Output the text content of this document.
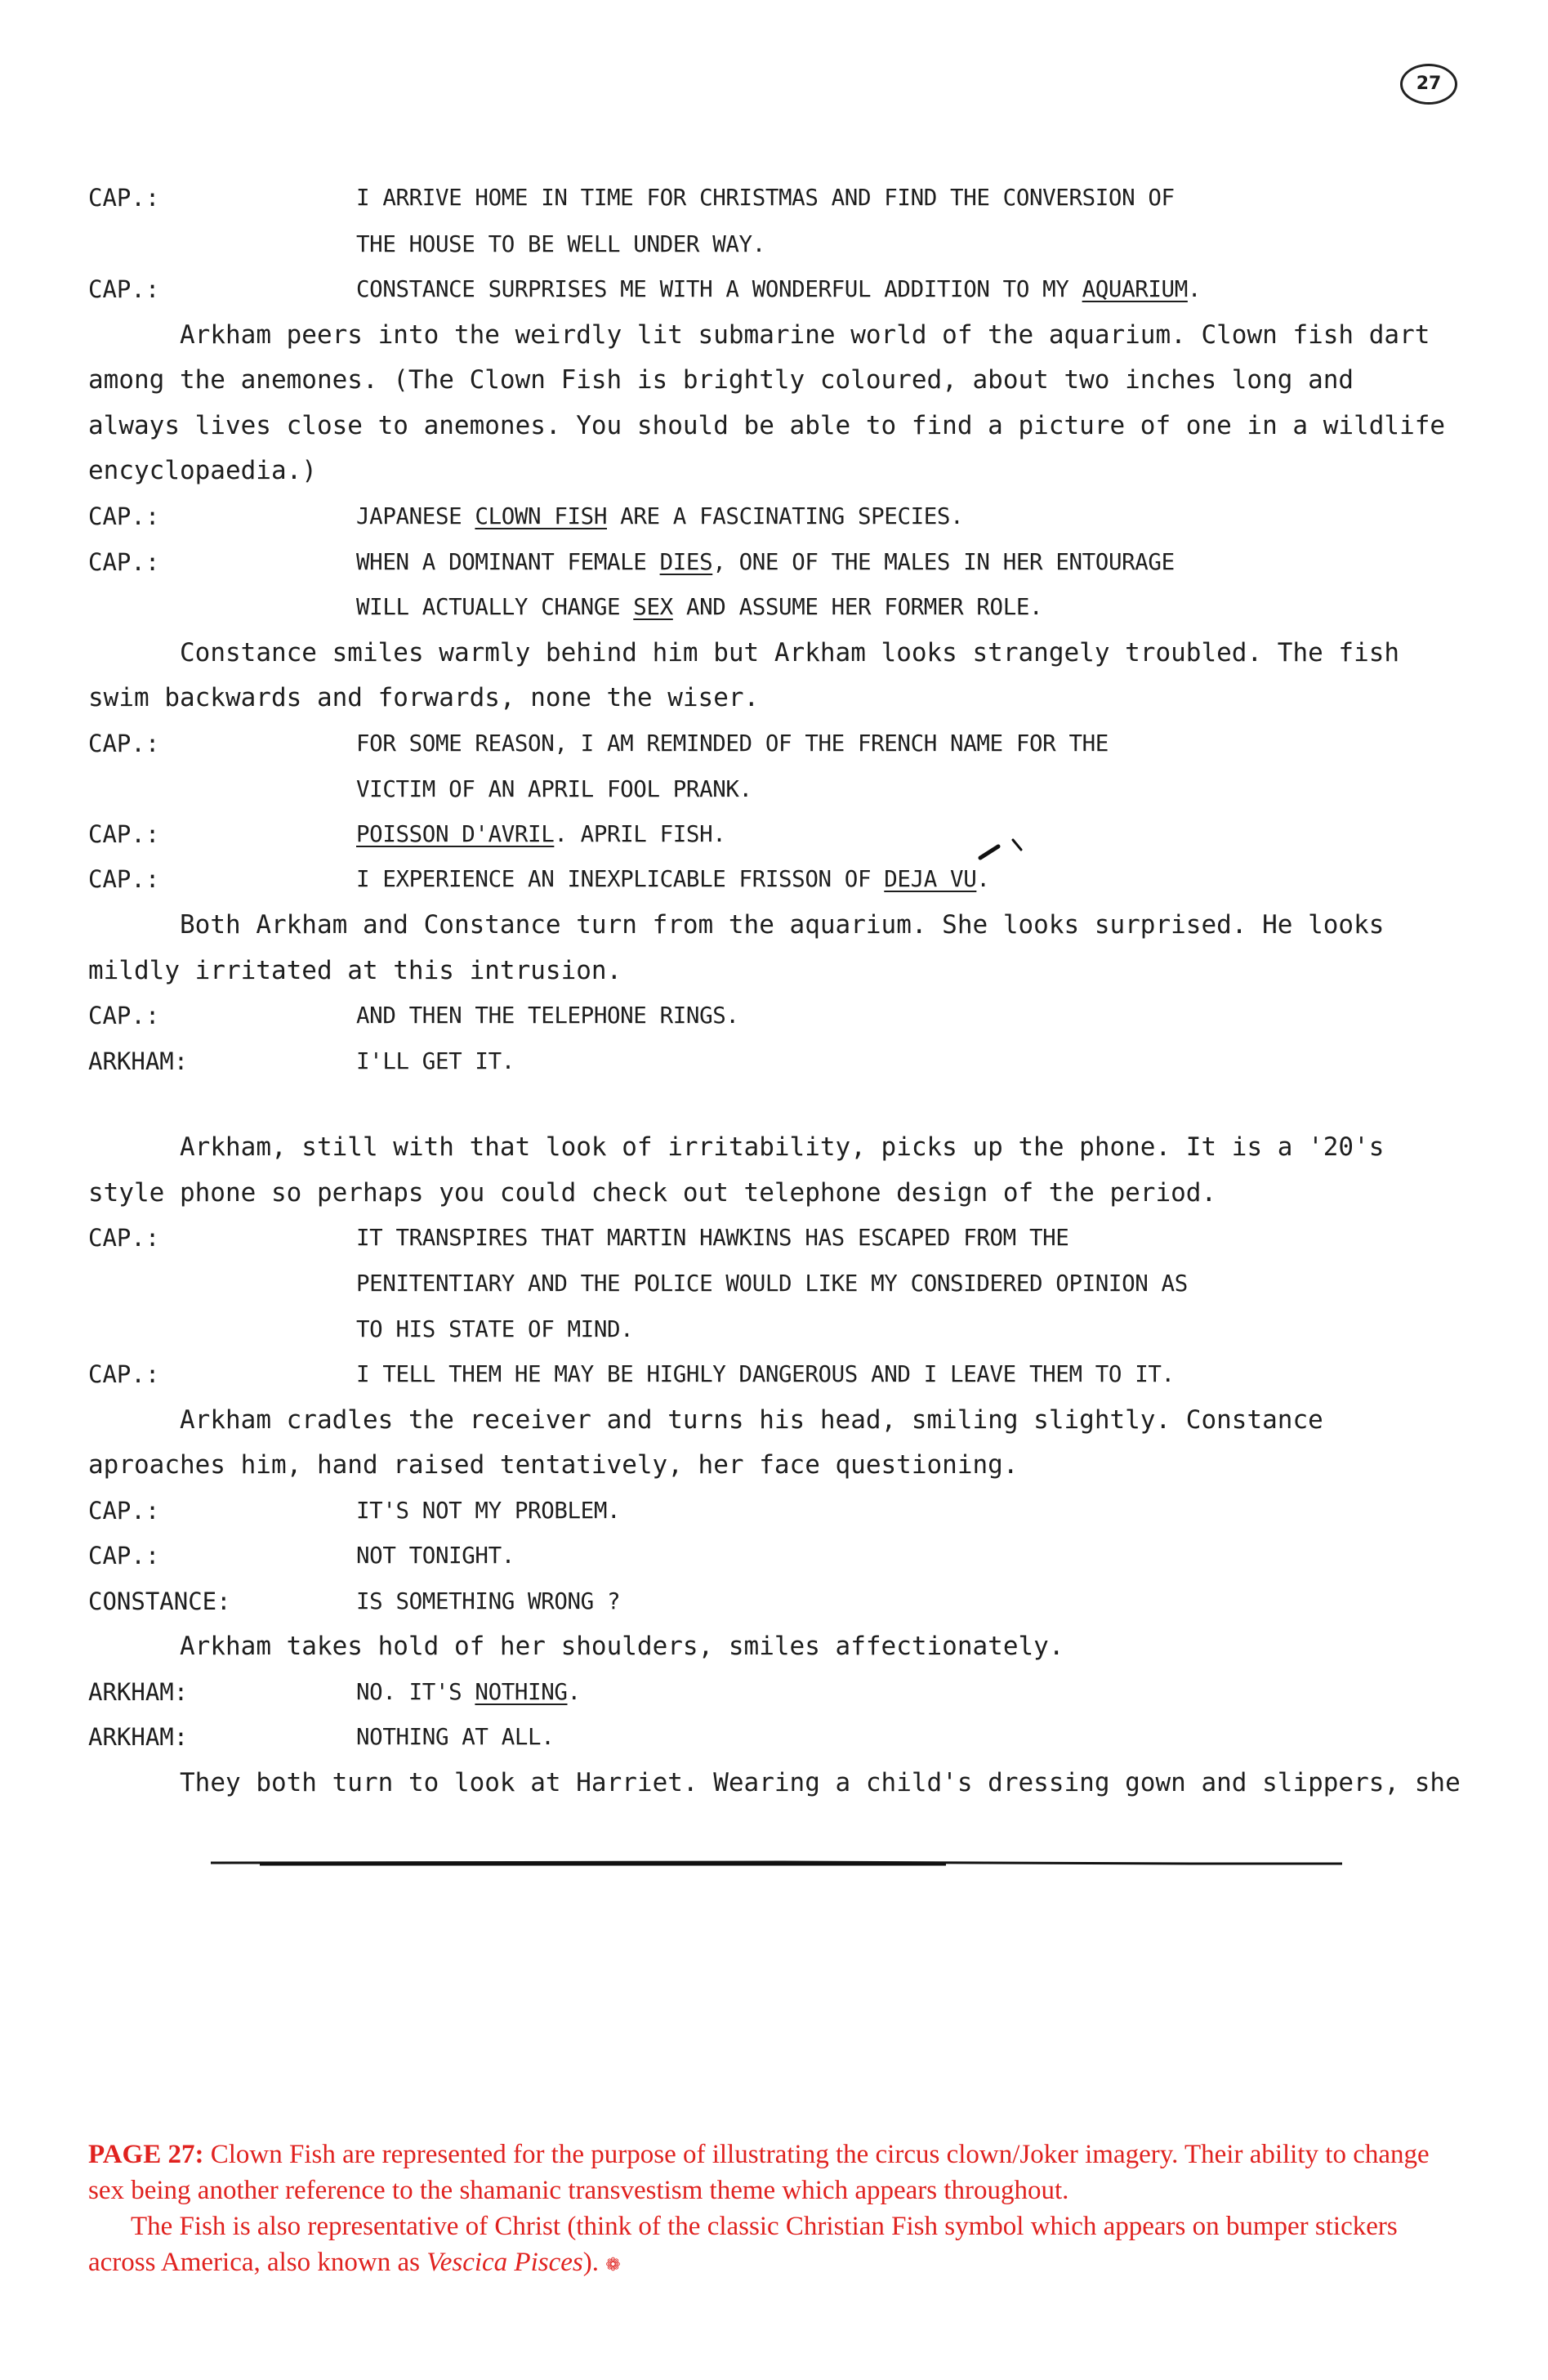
27
CAP.:	I ARRIVE HOME IN TIME FOR CHRISTMAS AND FIND THE CONVERSION OF
THE HOUSE TO BE WELL UNDER WAY.
CAP.:	CONSTANCE SURPRISES ME WITH A WONDERFUL ADDITION TO MY AQUARIUM.
Arkham peers into the weirdly lit submarine world of the aquarium. Clown fish dart
among the anemones. (The Clown Fish is brightly coloured, about two inches long and
always lives close to anemones. You should be able to find a picture of one in a wildlife
encyclopaedia.)
CAP.:	JAPANESE CLOWN FISH ARE A FASCINATING SPECIES.
CAP.:	WHEN A DOMINANT FEMALE DIES, ONE OF THE MALES IN HER ENTOURAGE
WILL ACTUALLY CHANGE SEX AND ASSUME HER FORMER ROLE.
Constance smiles warmly behind him but Arkham looks strangely troubled. The fish
swim backwards and forwards, none the wiser.
CAP.:	FOR SOME REASON, I AM REMINDED OF THE FRENCH NAME FOR THE
VICTIM OF AN APRIL FOOL PRANK.
CAP.:	POISSON D'AVRIL. APRIL FISH.
CAP.:	I EXPERIENCE AN INEXPLICABLE FRISSON OF DEJA VU.
Both Arkham and Constance turn from the aquarium. She looks surprised. He looks
mildly irritated at this intrusion.
CAP.:	AND THEN THE TELEPHONE RINGS.
ARKHAM:	I'LL GET IT.
Arkham, still with that look of irritability, picks up the phone. It is a '20's
style phone so perhaps you could check out telephone design of the period.
CAP.:	IT TRANSPIRES THAT MARTIN HAWKINS HAS ESCAPED FROM THE
PENITENTIARY AND THE POLICE WOULD LIKE MY CONSIDERED OPINION AS
TO HIS STATE OF MIND.
CAP.:	I TELL THEM HE MAY BE HIGHLY DANGEROUS AND I LEAVE THEM TO IT.
Arkham cradles the receiver and turns his head, smiling slightly. Constance
aproaches him, hand raised tentatively, her face questioning.
CAP.:	IT'S NOT MY PROBLEM.
CAP.:	NOT TONIGHT.
CONSTANCE:	IS SOMETHING WRONG ?
Arkham takes hold of her shoulders, smiles affectionately.
ARKHAM:	NO. IT'S NOTHING.
ARKHAM:	NOTHING AT ALL.
They both turn to look at Harriet. Wearing a child's dressing gown and slippers, she
PAGE 27: Clown Fish are represented for the purpose of illustrating the circus clown/Joker imagery. Their ability to change sex being another reference to the shamanic transvestism theme which appears throughout.
The Fish is also representative of Christ (think of the classic Christian Fish symbol which appears on bumper stickers across America, also known as Vescica Pisces). ❁
